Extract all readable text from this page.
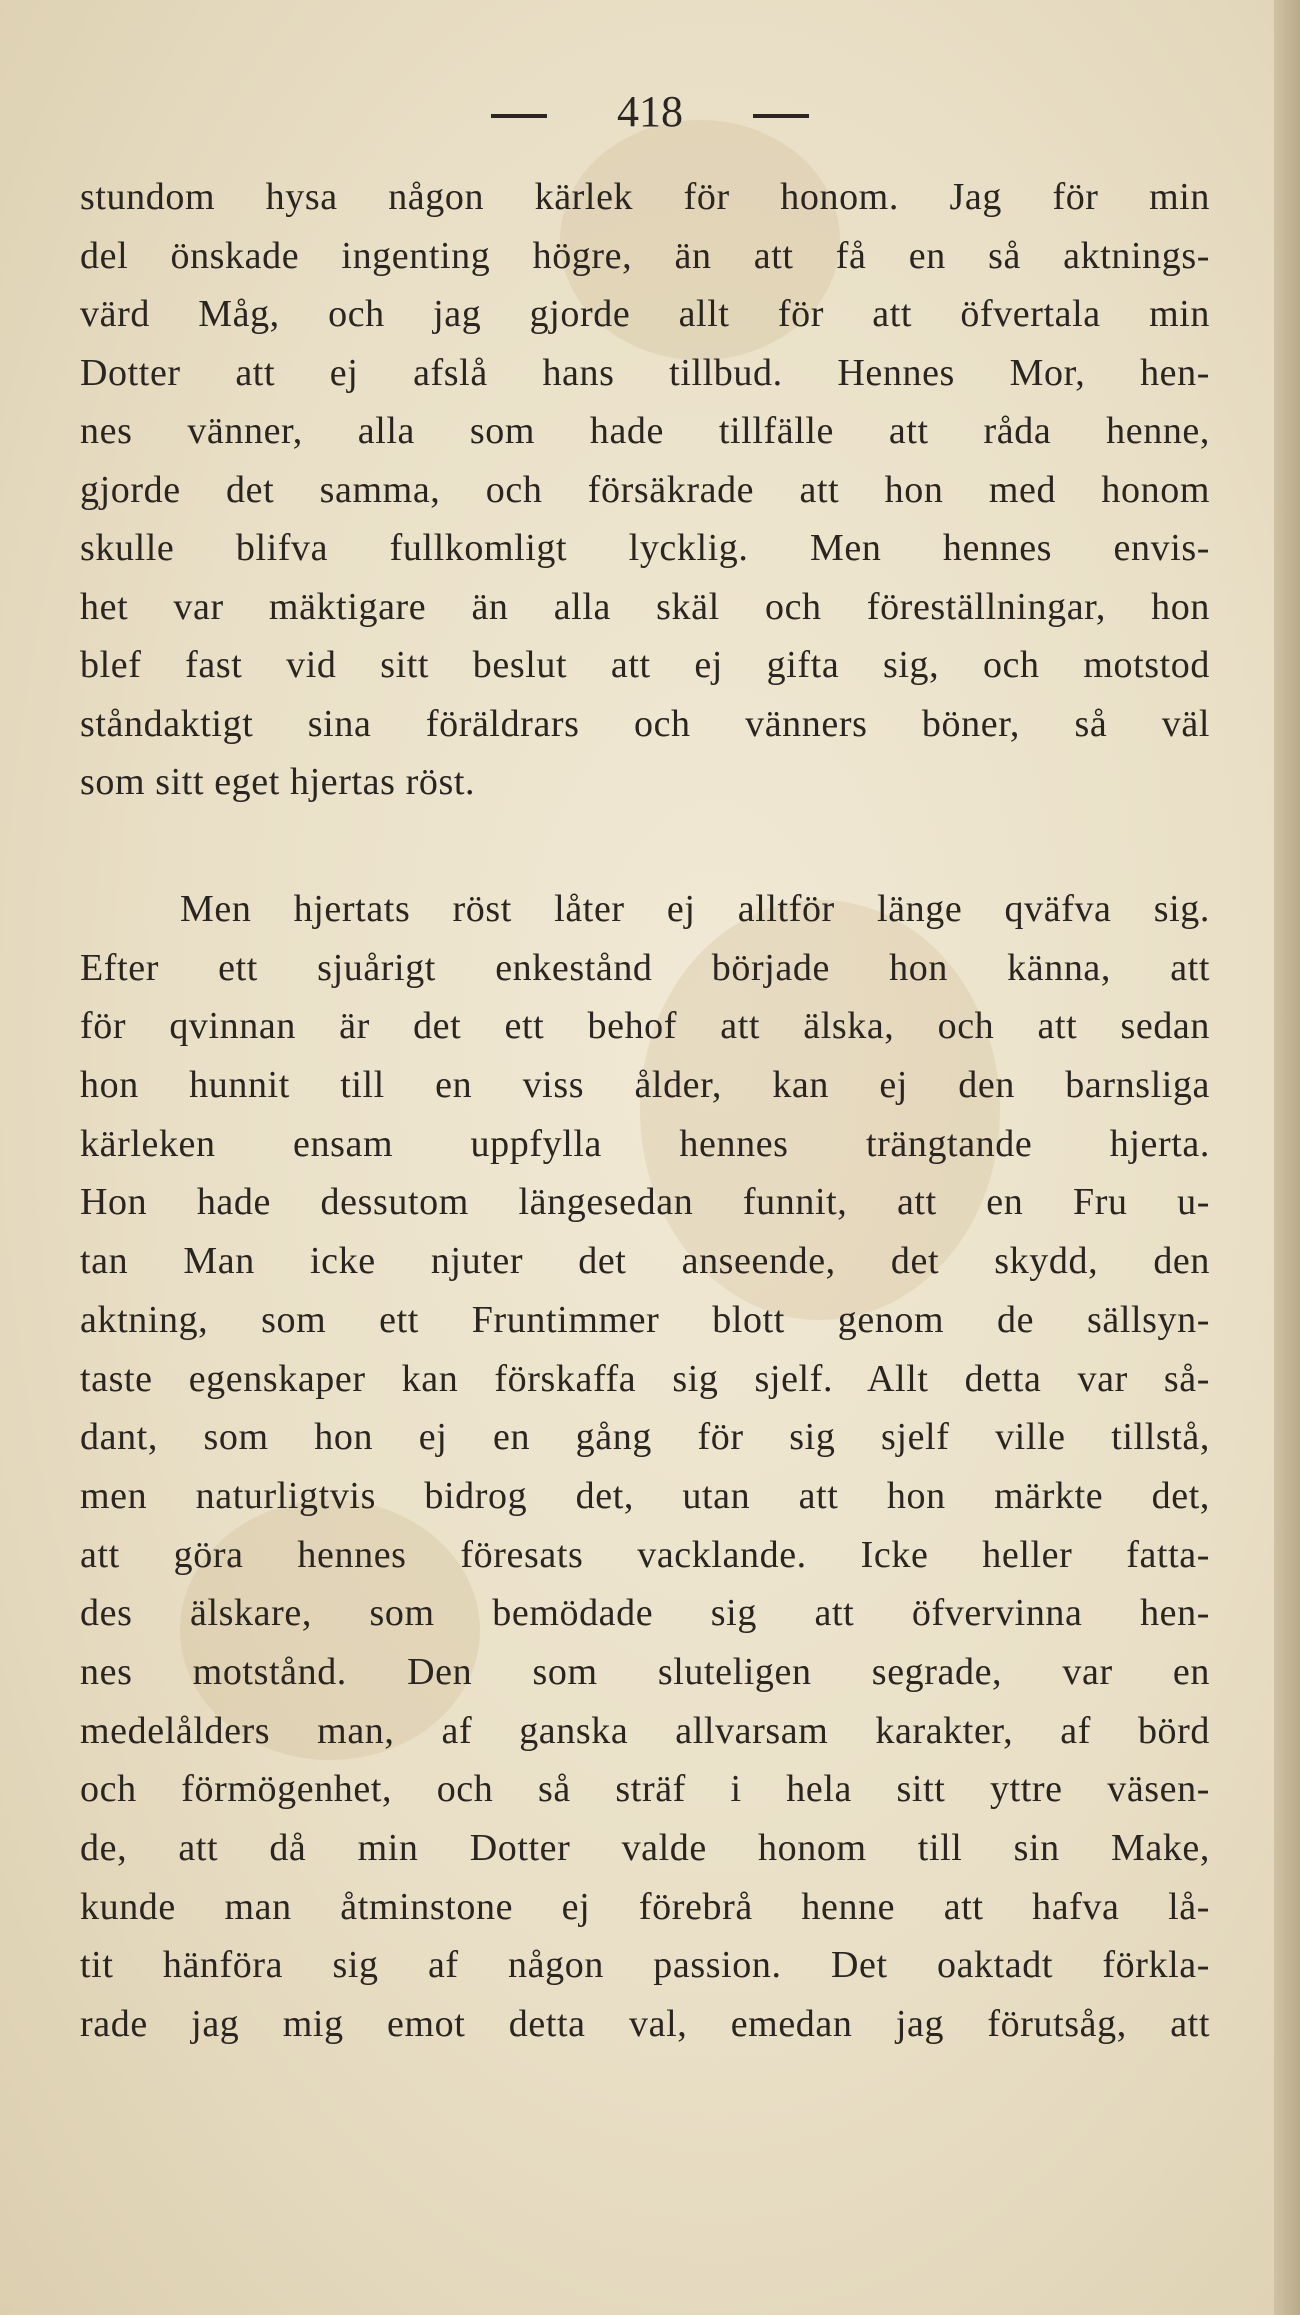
418
stundom hysa någon kärlek för honom. Jag för min
del önskade ingenting högre, än att få en så aktnings-
värd Måg, och jag gjorde allt för att öfvertala min
Dotter att ej afslå hans tillbud. Hennes Mor, hen-
nes vänner, alla som hade tillfälle att råda henne,
gjorde det samma, och försäkrade att hon med honom
skulle blifva fullkomligt lycklig. Men hennes envis-
het var mäktigare än alla skäl och föreställningar, hon
blef fast vid sitt beslut att ej gifta sig, och motstod
ståndaktigt sina föräldrars och vänners böner, så väl
som sitt eget hjertas röst.
Men hjertats röst låter ej alltför länge qväfva sig.
Efter ett sjuårigt enkestånd började hon känna, att
för qvinnan är det ett behof att älska, och att sedan
hon hunnit till en viss ålder, kan ej den barnsliga
kärleken ensam uppfylla hennes trängtande hjerta.
Hon hade dessutom längesedan funnit, att en Fru u-
tan Man icke njuter det anseende, det skydd, den
aktning, som ett Fruntimmer blott genom de sällsyn-
taste egenskaper kan förskaffa sig sjelf. Allt detta var så-
dant, som hon ej en gång för sig sjelf ville tillstå,
men naturligtvis bidrog det, utan att hon märkte det,
att göra hennes föresats vacklande. Icke heller fatta-
des älskare, som bemödade sig att öfvervinna hen-
nes motstånd. Den som sluteligen segrade, var en
medelålders man, af ganska allvarsam karakter, af börd
och förmögenhet, och så sträf i hela sitt yttre väsen-
de, att då min Dotter valde honom till sin Make,
kunde man åtminstone ej förebrå henne att hafva lå-
tit hänföra sig af någon passion. Det oaktadt förkla-
rade jag mig emot detta val, emedan jag förutsåg, att
